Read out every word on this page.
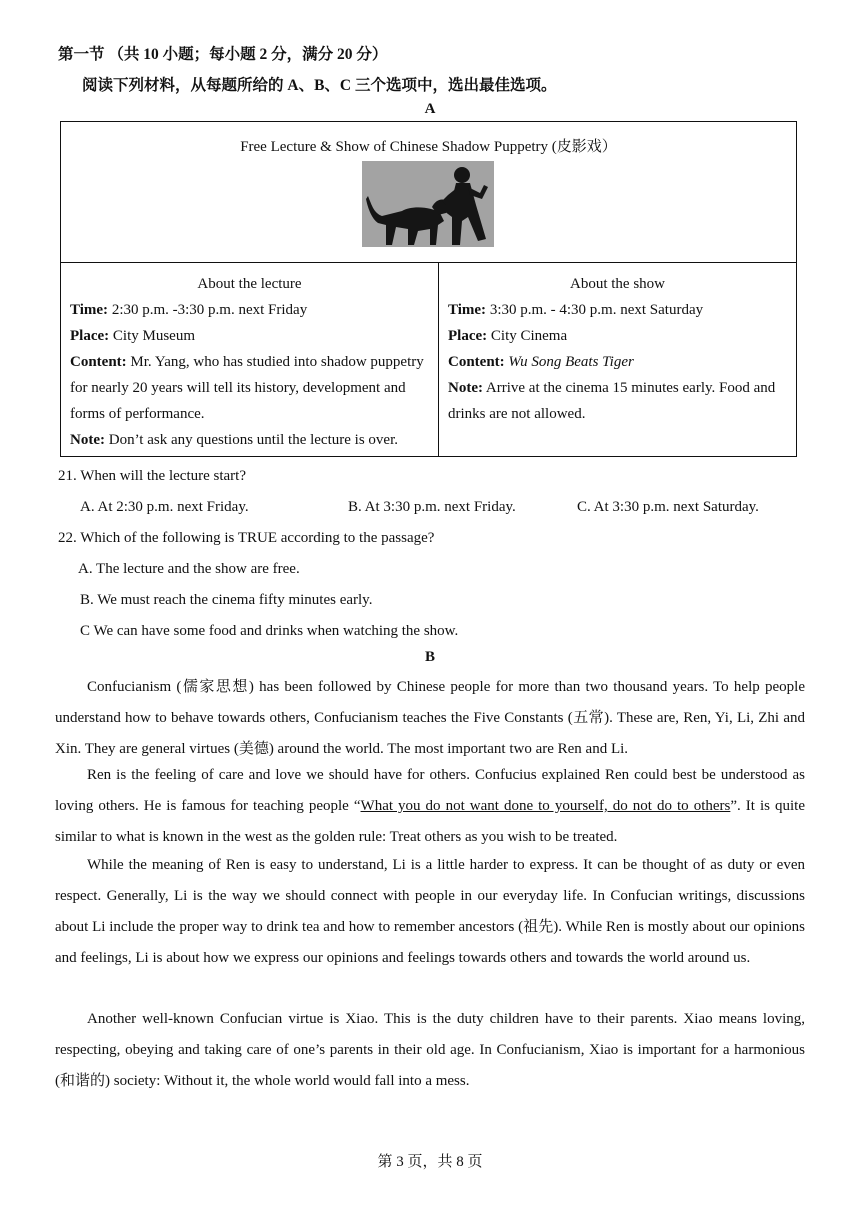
第一节 （共 10 小题；每小题 2 分，满分 20 分）
阅读下列材料，从每题所给的 A、B、C 三个选项中，选出最佳选项。
A
Free Lecture & Show of Chinese Shadow Puppetry (皮影戏）
About the lecture
Time: 2:30 p.m. -3:30 p.m. next Friday
Place: City Museum
Content: Mr. Yang, who has studied into shadow puppetry for nearly 20 years will tell its history, development and forms of performance.
Note: Don’t ask any questions until the lecture is over.
About the show
Time: 3:30 p.m. - 4:30 p.m. next Saturday
Place: City Cinema
Content: Wu Song Beats Tiger
Note: Arrive at the cinema 15 minutes early. Food and drinks are not allowed.
21. When will the lecture start?
A. At 2:30 p.m. next Friday.	B. At 3:30 p.m. next Friday.	C. At 3:30 p.m. next Saturday.
22. Which of the following is TRUE according to the passage?
A. The lecture and the show are free.
B. We must reach the cinema fifty minutes early.
C We can have some food and drinks when watching the show.
B
Confucianism (儒家思想) has been followed by Chinese people for more than two thousand years. To help people understand how to behave towards others, Confucianism teaches the Five Constants (五常). These are, Ren, Yi, Li, Zhi and Xin. They are general virtues (美德) around the world. The most important two are Ren and Li.
Ren is the feeling of care and love we should have for others. Confucius explained Ren could best be understood as loving others. He is famous for teaching people “What you do not want done to yourself, do not do to others”. It is quite similar to what is known in the west as the golden rule: Treat others as you wish to be treated.
While the meaning of Ren is easy to understand, Li is a little harder to express. It can be thought of as duty or even respect. Generally, Li is the way we should connect with people in our everyday life. In Confucian writings, discussions about Li include the proper way to drink tea and how to remember ancestors (祖先). While Ren is mostly about our opinions and feelings, Li is about how we express our opinions and feelings towards others and towards the world around us.
Another well-known Confucian virtue is Xiao. This is the duty children have to their parents. Xiao means loving, respecting, obeying and taking care of one’s parents in their old age. In Confucianism, Xiao is important for a harmonious (和谐的) society: Without it, the whole world would fall into a mess.
第 3 页，共 8 页
